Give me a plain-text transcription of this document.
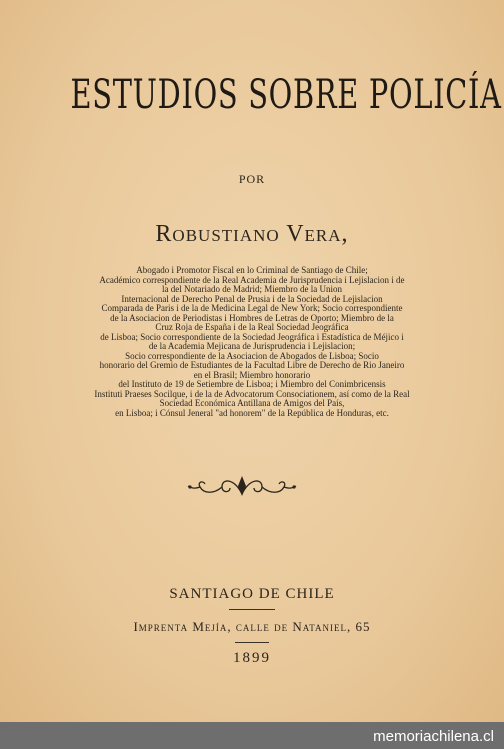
ESTUDIOS SOBRE POLICÍA
POR
Robustiano Vera,
Abogado i Promotor Fiscal en lo Criminal de Santiago de Chile;
Académico correspondiente de la Real Academia de Jurisprudencia i Lejislacion i de
la del Notariado de Madrid; Miembro de la Union
Internacional de Derecho Penal de Prusia i de la Sociedad de Lejislacion
Comparada de Paris i de la de Medicina Legal de New York; Socio correspondiente
de la Asociacion de Periodistas i Hombres de Letras de Oporto; Miembro de la
Cruz Roja de España i de la Real Sociedad Jeográfica
de Lisboa; Socio correspondiente de la Sociedad Jeográfica i Estadística de Méjico i
de la Academia Mejicana de Jurisprudencia i Lejislacion;
Socio correspondiente de la Asociacion de Abogados de Lisboa; Socio
honorario del Gremio de Estudiantes de la Facultad Libre de Derecho de Rio Janeiro
en el Brasil; Miembro honorario
del Instituto de 19 de Setiembre de Lisboa; i Miembro del Conimbricensis
Instituti Praeses Socilque, i de la de Advocatorum Consociationem, así como de la Real
Sociedad Económica Antillana de Amigos del País,
en Lisboa; i Cónsul Jeneral "ad honorem" de la República de Honduras, etc.
SANTIAGO DE CHILE
Imprenta Mejía, calle de Nataniel, 65
1899
memoriachilena.cl
